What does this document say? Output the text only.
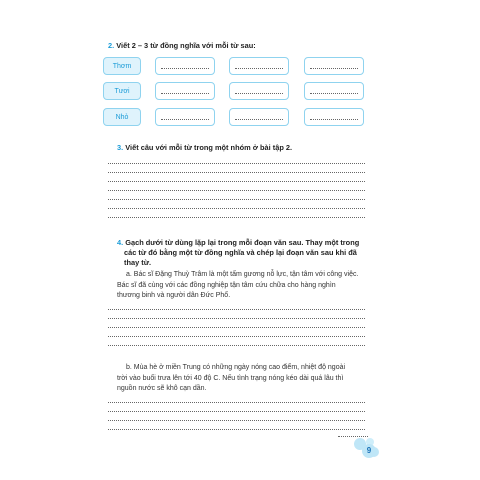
2. Viết 2 – 3 từ đồng nghĩa với mỗi từ sau:
Thơm
Tươi
Nhỏ
3. Viết câu với mỗi từ trong một nhóm ở bài tập 2.
4. Gạch dưới từ dùng lặp lại trong mỗi đoạn văn sau. Thay một trong
các từ đó bằng một từ đồng nghĩa và chép lại đoạn văn sau khi đã
thay từ.
a. Bác sĩ Đặng Thuỳ Trâm là một tấm gương nỗ lực, tận tâm với công việc.
Bác sĩ đã cùng với các đồng nghiệp tận tâm cứu chữa cho hàng nghìn
thương binh và người dân Đức Phổ.
b. Mùa hè ở miền Trung có những ngày nóng cao điểm, nhiệt độ ngoài
trời vào buổi trưa lên tới 40 độ C. Nếu tình trạng nóng kéo dài quá lâu thì
nguồn nước sẽ khô cạn dần.
9
